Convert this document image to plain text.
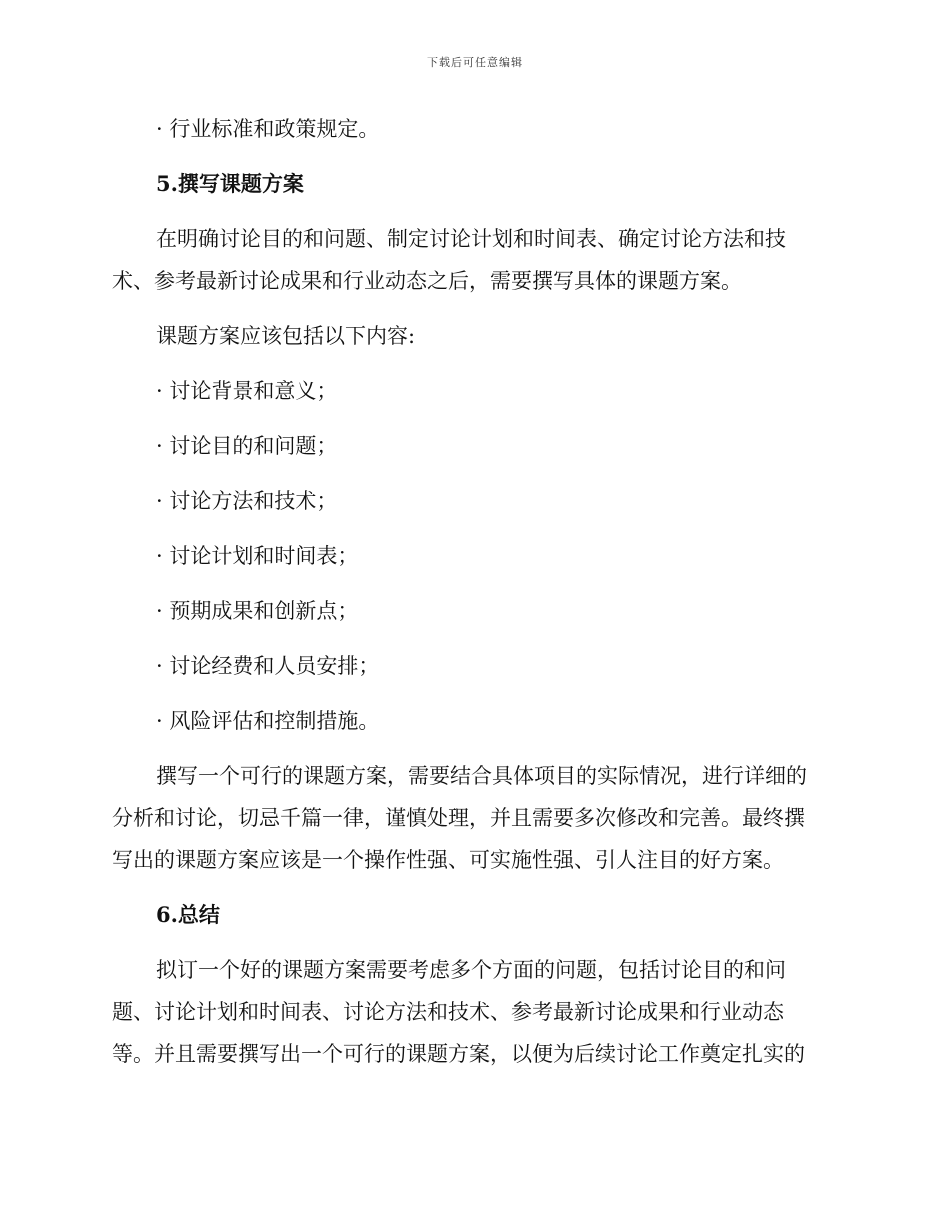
下载后可任意编辑
· 行业标准和政策规定。
5.撰写课题方案
在明确讨论目的和问题、制定讨论计划和时间表、确定讨论方法和技
术、参考最新讨论成果和行业动态之后，需要撰写具体的课题方案。
课题方案应该包括以下内容:
· 讨论背景和意义；
· 讨论目的和问题；
· 讨论方法和技术；
· 讨论计划和时间表；
· 预期成果和创新点；
· 讨论经费和人员安排；
· 风险评估和控制措施。
撰写一个可行的课题方案，需要结合具体项目的实际情况，进行详细的
分析和讨论，切忌千篇一律，谨慎处理，并且需要多次修改和完善。最终撰
写出的课题方案应该是一个操作性强、可实施性强、引人注目的好方案。
6.总结
拟订一个好的课题方案需要考虑多个方面的问题，包括讨论目的和问
题、讨论计划和时间表、讨论方法和技术、参考最新讨论成果和行业动态
等。并且需要撰写出一个可行的课题方案，以便为后续讨论工作奠定扎实的
